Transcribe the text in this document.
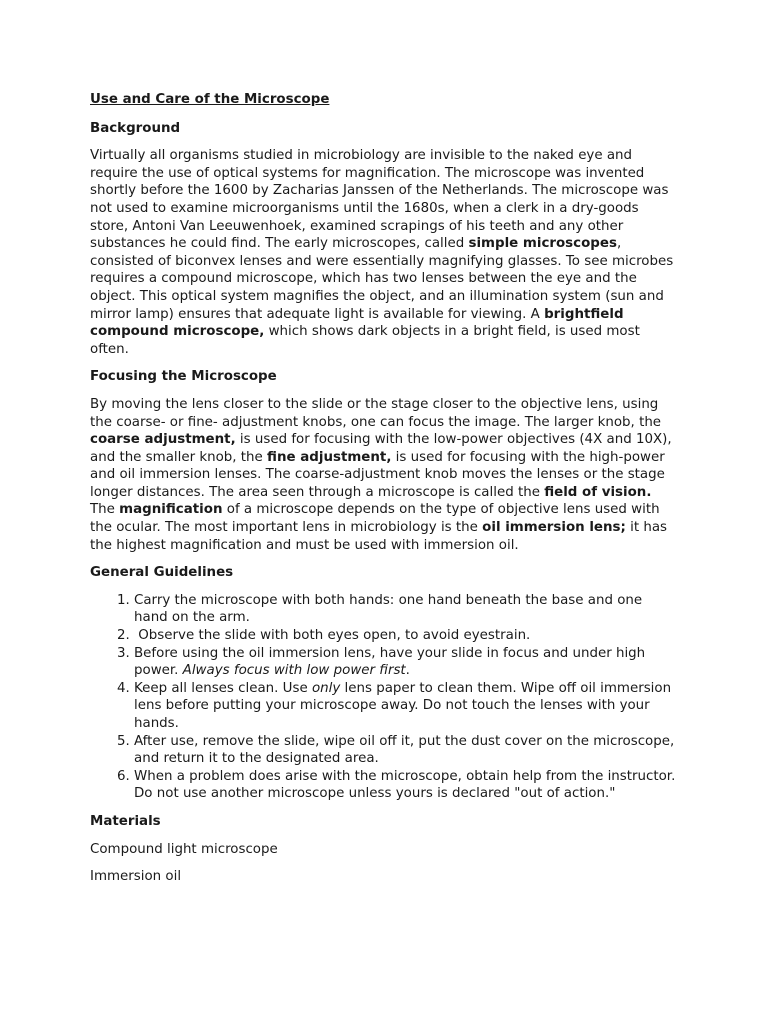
Use and Care of the Microscope
Background

Virtually all organisms studied in microbiology are invisible to the naked eye and require the use of optical systems for magnification. The microscope was invented shortly before the 1600 by Zacharias Janssen of the Netherlands. The microscope was not used to examine microorganisms until the 1680s, when a clerk in a dry-goods store, Antoni Van Leeuwenhoek, examined scrapings of his teeth and any other substances he could find. The early microscopes, called simple microscopes, consisted of biconvex lenses and were essentially magnifying glasses. To see microbes requires a compound microscope, which has two lenses between the eye and the object. This optical system magnifies the object, and an illumination system (sun and mirror lamp) ensures that adequate light is available for viewing. A brightfield compound microscope, which shows dark objects in a bright field, is used most often.

Focusing the Microscope

By moving the lens closer to the slide or the stage closer to the objective lens, using the coarse- or fine- adjustment knobs, one can focus the image. The larger knob, the coarse adjustment, is used for focusing with the low-power objectives (4X and 10X), and the smaller knob, the fine adjustment, is used for focusing with the high-power and oil immersion lenses. The coarse-adjustment knob moves the lenses or the stage longer distances. The area seen through a microscope is called the field of vision. The magnification of a microscope depends on the type of objective lens used with the ocular. The most important lens in microbiology is the oil immersion lens; it has the highest magnification and must be used with immersion oil.

General Guidelines
1. Carry the microscope with both hands: one hand beneath the base and one hand on the arm.
2.  Observe the slide with both eyes open, to avoid eyestrain.
3. Before using the oil immersion lens, have your slide in focus and under high power. Always focus with low power first.
4. Keep all lenses clean. Use only lens paper to clean them. Wipe off oil immersion lens before putting your microscope away. Do not touch the lenses with your hands.
5. After use, remove the slide, wipe oil off it, put the dust cover on the microscope, and return it to the designated area.
6. When a problem does arise with the microscope, obtain help from the instructor. Do not use another microscope unless yours is declared "out of action."
Materials
Compound light microscope
Immersion oil
